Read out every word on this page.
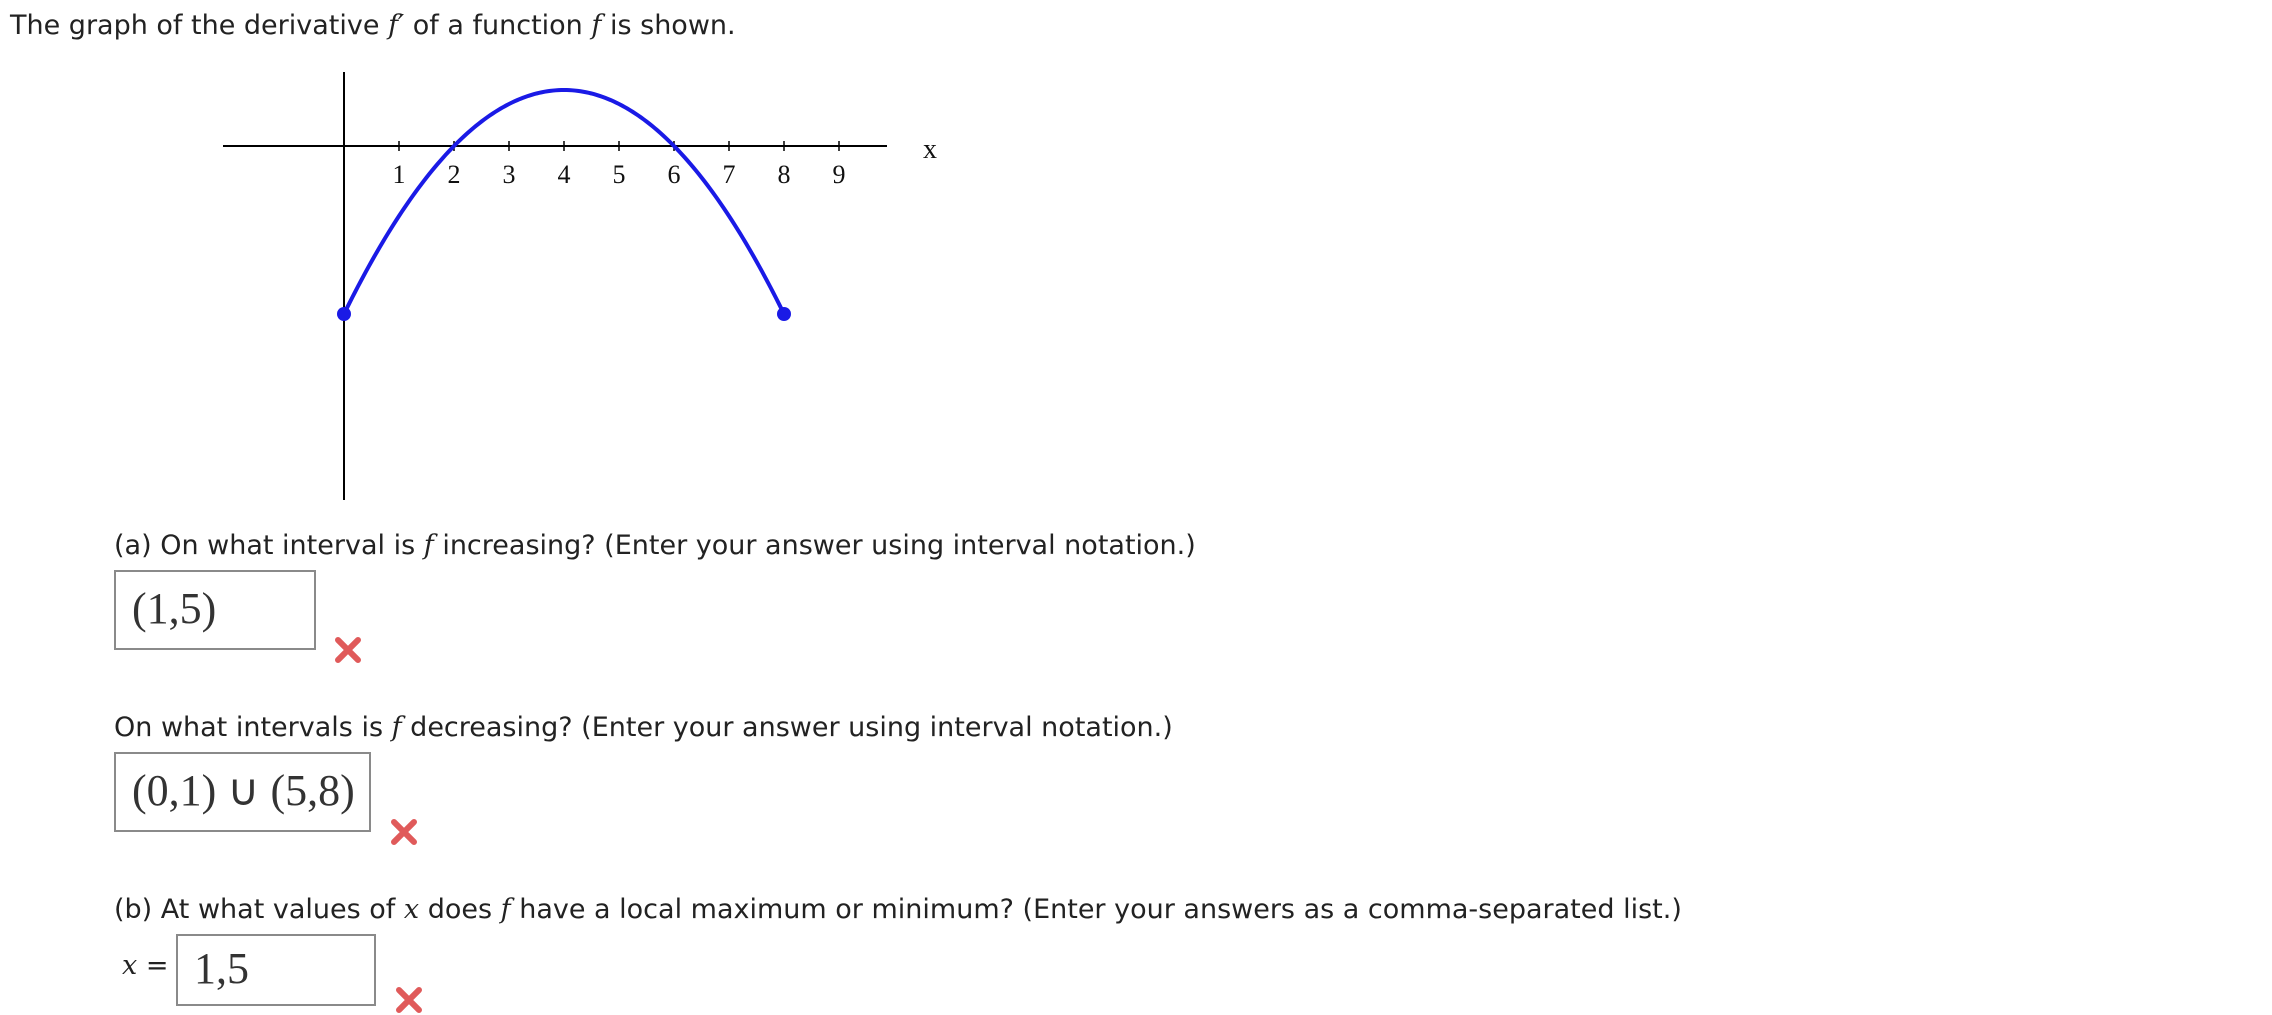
The graph of the derivative f′ of a function f is shown.
1 2 3 4 5 6 7 8 9
x
(a) On what interval is f increasing? (Enter your answer using interval notation.)
(1,5)
On what intervals is f decreasing? (Enter your answer using interval notation.)
(0,1) ∪ (5,8)
(b) At what values of x does f have a local maximum or minimum? (Enter your answers as a comma-separated list.)
x = 1,5
